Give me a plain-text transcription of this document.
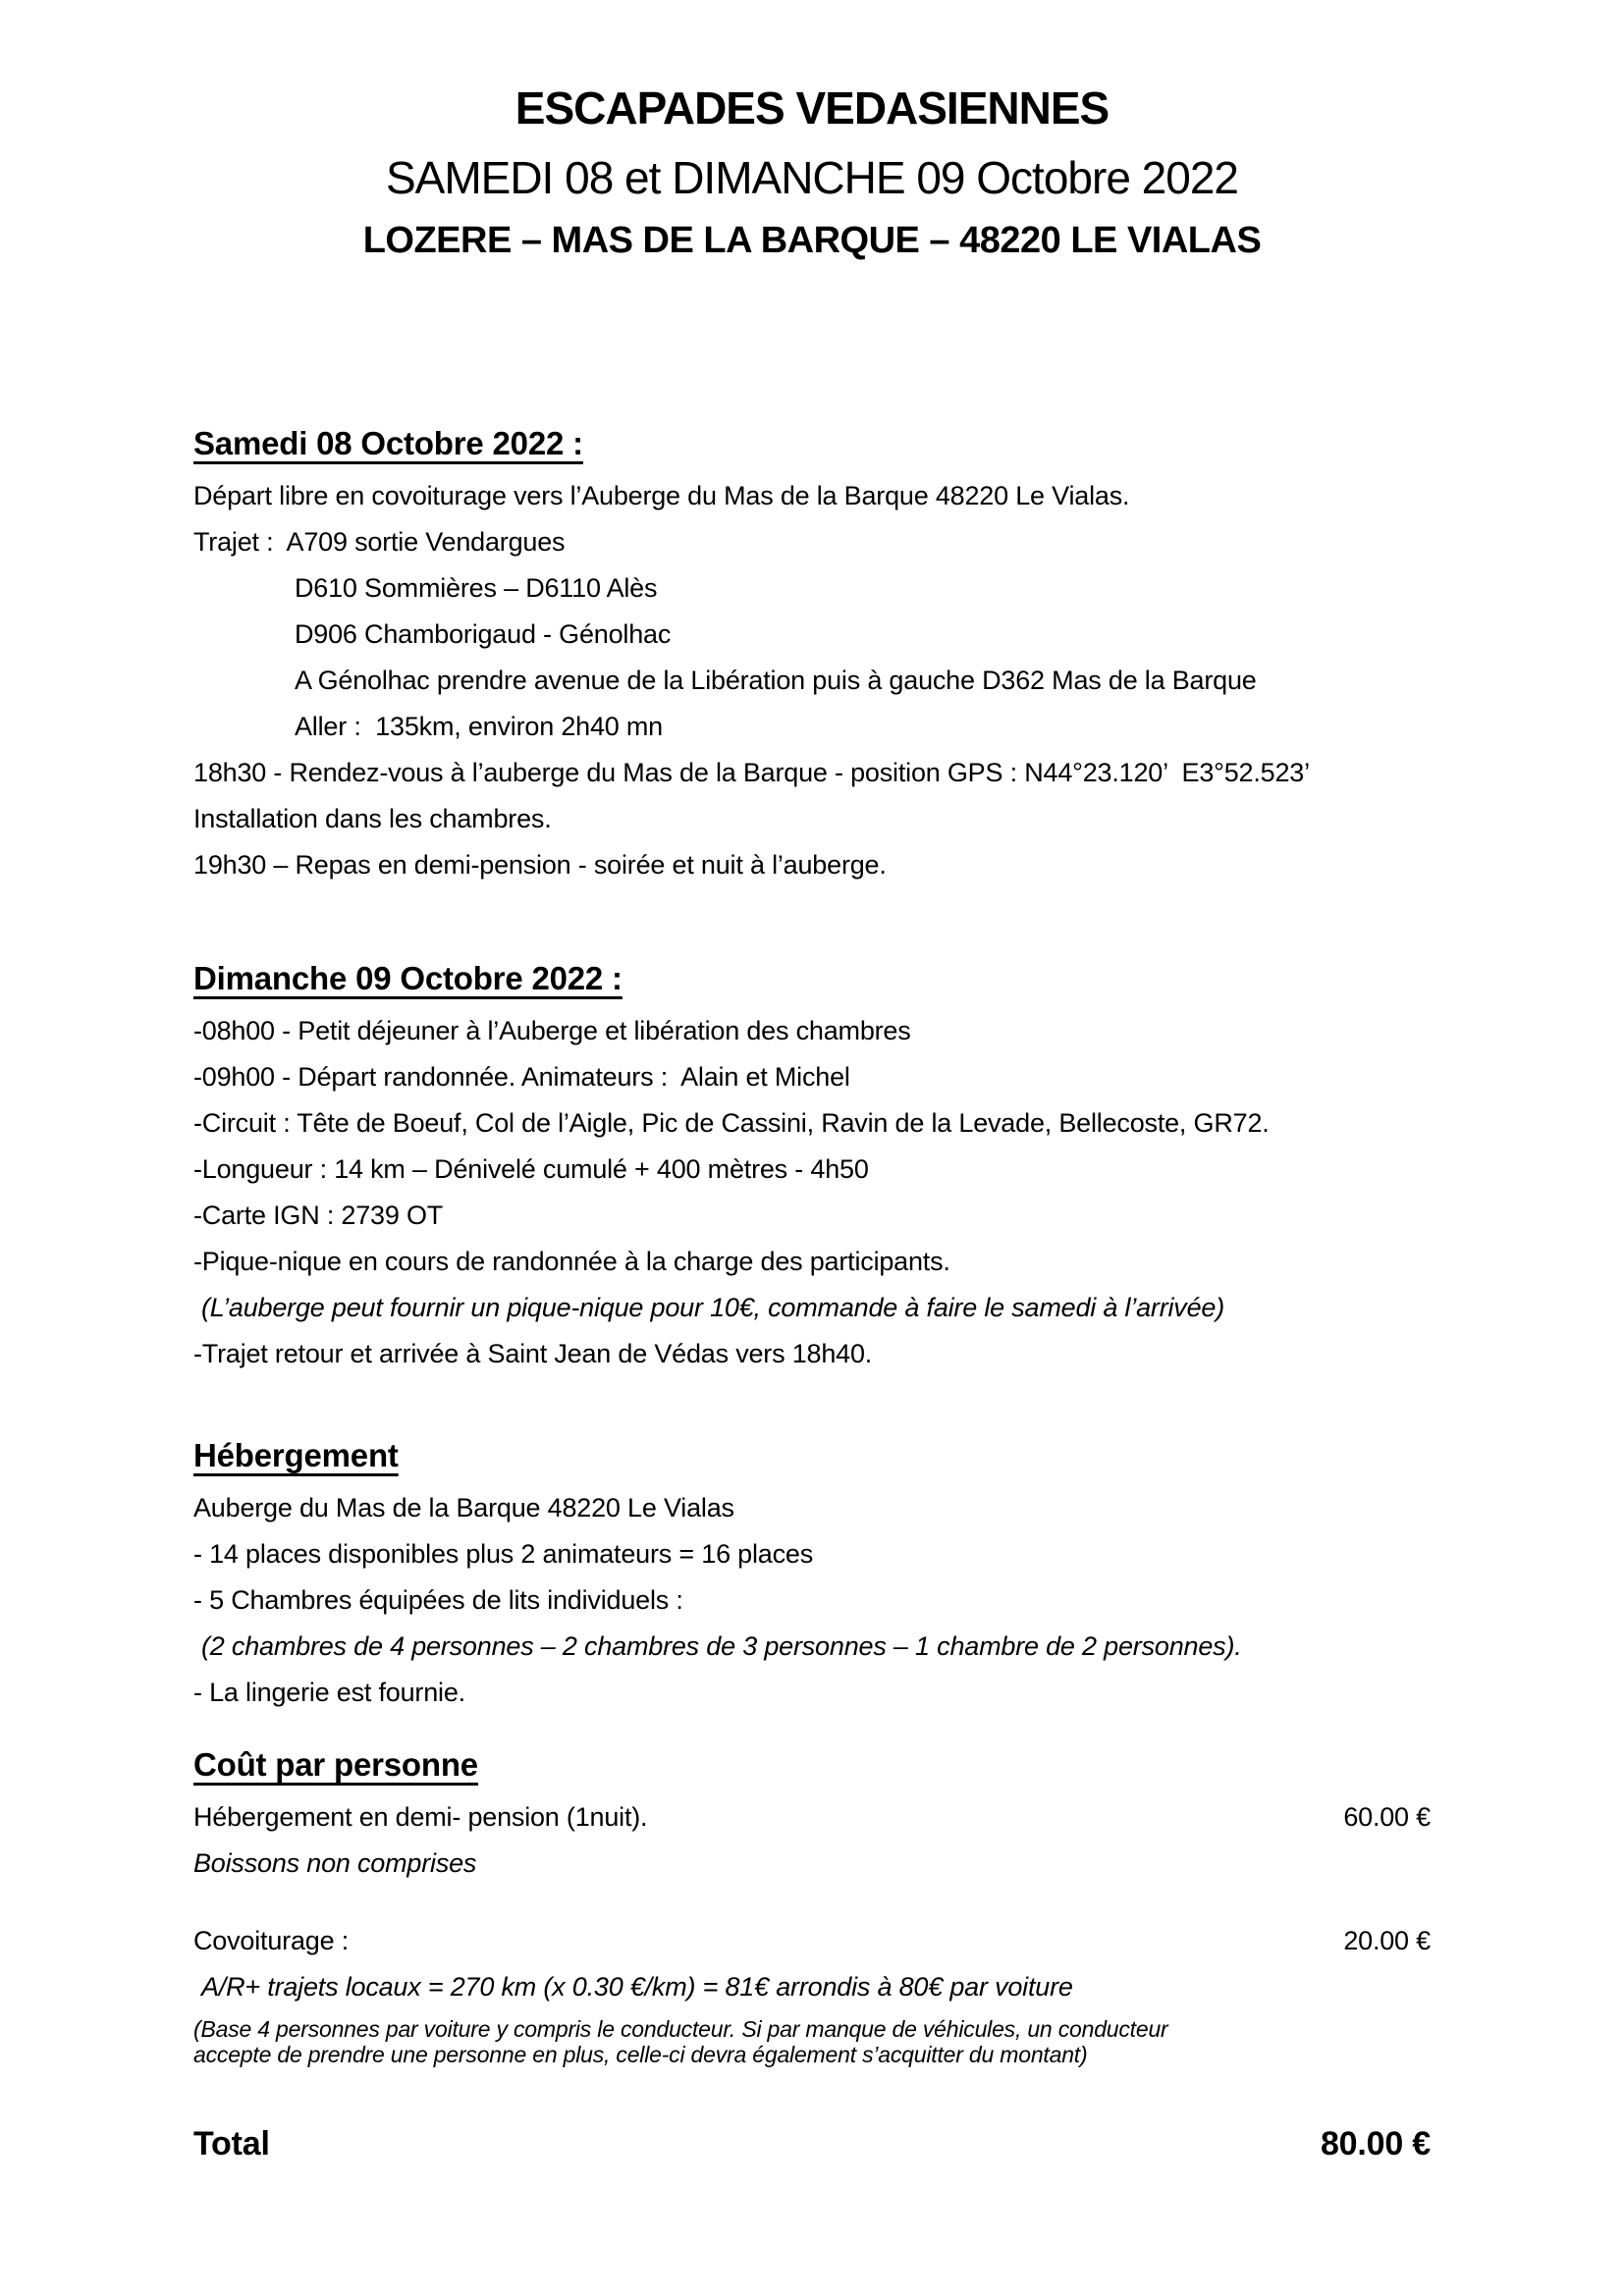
ESCAPADES VEDASIENNES
SAMEDI 08 et DIMANCHE 09 Octobre 2022
LOZERE – MAS DE LA BARQUE – 48220 LE VIALAS
Samedi 08 Octobre 2022 :

Départ libre en covoiturage vers l’Auberge du Mas de la Barque 48220 Le Vialas.

Trajet :  A709 sortie Vendargues

D610 Sommières – D6110 Alès

D906 Chamborigaud - Génolhac

A Génolhac prendre avenue de la Libération puis à gauche D362 Mas de la Barque

Aller :  135km, environ 2h40 mn

18h30 - Rendez-vous à l’auberge du Mas de la Barque - position GPS : N44°23.120’  E3°52.523’

Installation dans les chambres.

19h30 – Repas en demi-pension - soirée et nuit à l’auberge.

Dimanche 09 Octobre 2022 :

-08h00 - Petit déjeuner à l’Auberge et libération des chambres

-09h00 - Départ randonnée. Animateurs :  Alain et Michel

-Circuit : Tête de Boeuf, Col de l’Aigle, Pic de Cassini, Ravin de la Levade, Bellecoste, GR72.

-Longueur : 14 km – Dénivelé cumulé + 400 mètres - 4h50

-Carte IGN : 2739 OT

-Pique-nique en cours de randonnée à la charge des participants.

(L’auberge peut fournir un pique-nique pour 10€, commande à faire le samedi à l’arrivée)

-Trajet retour et arrivée à Saint Jean de Védas vers 18h40.

Hébergement

Auberge du Mas de la Barque 48220 Le Vialas

- 14 places disponibles plus 2 animateurs = 16 places

- 5 Chambres équipées de lits individuels :

(2 chambres de 4 personnes – 2 chambres de 3 personnes – 1 chambre de 2 personnes).

- La lingerie est fournie.

Coût par personne

Hébergement en demi- pension (1nuit).	60.00 €

Boissons non comprises

Covoiturage :	20.00 €

A/R+ trajets locaux = 270 km (x 0.30 €/km) = 81€ arrondis à 80€ par voiture

(Base 4 personnes par voiture y compris le conducteur. Si par manque de véhicules, un conducteur

accepte de prendre une personne en plus, celle-ci devra également s’acquitter du montant)

Total	80.00 €
